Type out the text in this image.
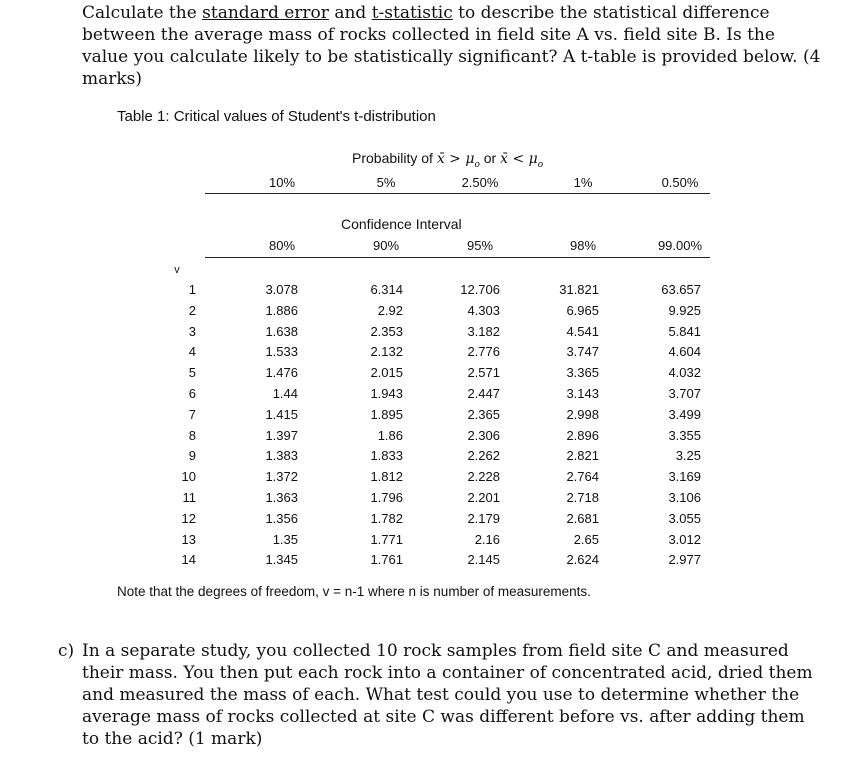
Calculate the standard error and t-statistic to describe the statistical difference between the average mass of rocks collected in field site A vs. field site B. Is the value you calculate likely to be statistically significant? A t-table is provided below. (4 marks)
Table 1: Critical values of Student's t-distribution
Probability of x̄ > $\mu_o$ or x̄ < $\mu_o$
10%	5%	2.50%	1%	0.50%
Confidence Interval
80%	90%	95%	98%	99.00%
v
1	3.078	6.314	12.706	31.821	63.657
2	1.886	2.92	4.303	6.965	9.925
3	1.638	2.353	3.182	4.541	5.841
4	1.533	2.132	2.776	3.747	4.604
5	1.476	2.015	2.571	3.365	4.032
6	1.44	1.943	2.447	3.143	3.707
7	1.415	1.895	2.365	2.998	3.499
8	1.397	1.86	2.306	2.896	3.355
9	1.383	1.833	2.262	2.821	3.25
10	1.372	1.812	2.228	2.764	3.169
11	1.363	1.796	2.201	2.718	3.106
12	1.356	1.782	2.179	2.681	3.055
13	1.35	1.771	2.16	2.65	3.012
14	1.345	1.761	2.145	2.624	2.977
Note that the degrees of freedom, v = n-1 where n is number of measurements.
c) In a separate study, you collected 10 rock samples from field site C and measured their mass. You then put each rock into a container of concentrated acid, dried them and measured the mass of each. What test could you use to determine whether the average mass of rocks collected at site C was different before vs. after adding them to the acid? (1 mark)
